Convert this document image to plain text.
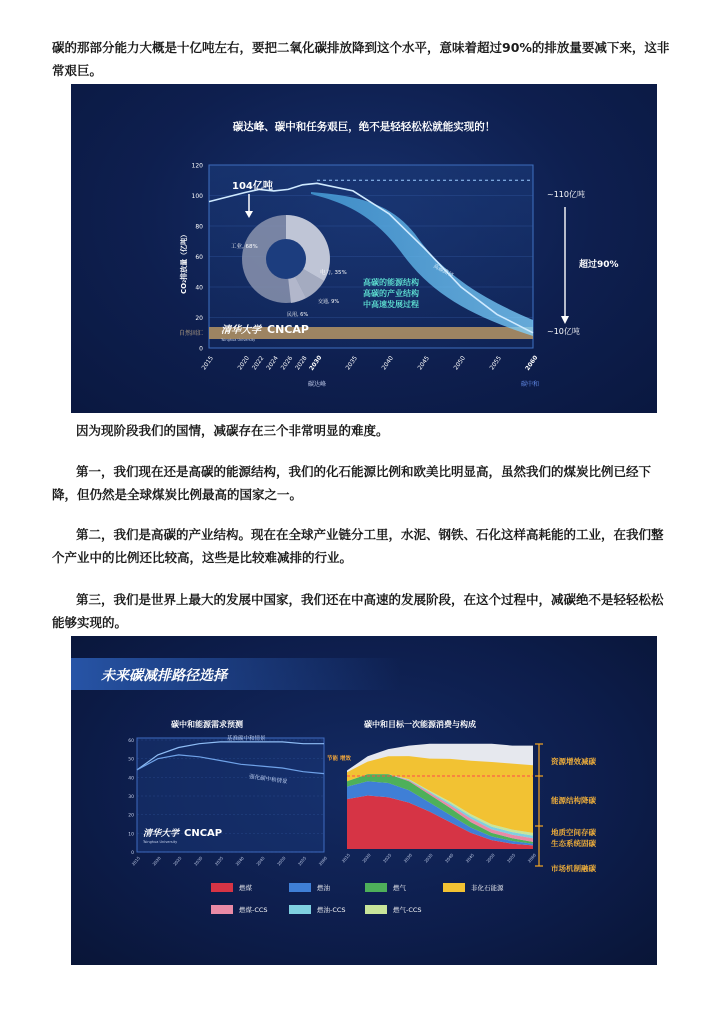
碳的那部分能力大概是十亿吨左右，要把二氧化碳排放降到这个水平，意味着超过90%的排放量要减下来，这非常艰巨。
碳达峰、碳中和任务艰巨，绝不是轻轻松松就能实现的！
0
20
40
60
80
100
120
2015	2020 2022 2024 2026 2028 2030	2035	2040	2045	2050	2055	2060
自然固汇
104亿吨
~110亿吨
超过90%
~10亿吨
工业, 68%
电力, 35%
交通, 9%
民用, 6%
高碳路径
高碳的能源结构
高碳的产业结构
中高速发展过程
清华大学 CNCAP
Tsinghua University
CO₂排放量（亿吨）
碳达峰	碳中和
因为现阶段我们的国情，减碳存在三个非常明显的难度。
第一，我们现在还是高碳的能源结构，我们的化石能源比例和欧美比明显高，虽然我们的煤炭比例已经下降，但仍然是全球煤炭比例最高的国家之一。
第二，我们是高碳的产业结构。现在在全球产业链分工里，水泥、钢铁、石化这样高耗能的工业，在我们整个产业中的比例还比较高，这些是比较难减排的行业。
第三，我们是世界上最大的发展中国家，我们还在中高速的发展阶段，在这个过程中，减碳绝不是轻轻松松能够实现的。
未来碳减排路径选择
碳中和能源需求预测	碳中和目标一次能源消费与构成
0
10
20
30
40
50
60
2015	2020	2025	2030	2035	2040	2045	2050	2055	2060
基准碳中和情景
强化碳中和情景
清华大学 CNCAP
Tsinghua University
2015	2020	2025	2030	2035	2040	2045	2050	2055	2060
节能 增效	资源增效减碳
能源结构降碳
地质空间存碳
生态系统固碳
市场机制融碳
燃煤	燃油	燃气	非化石能源
燃煤-CCS	燃油-CCS	燃气-CCS
